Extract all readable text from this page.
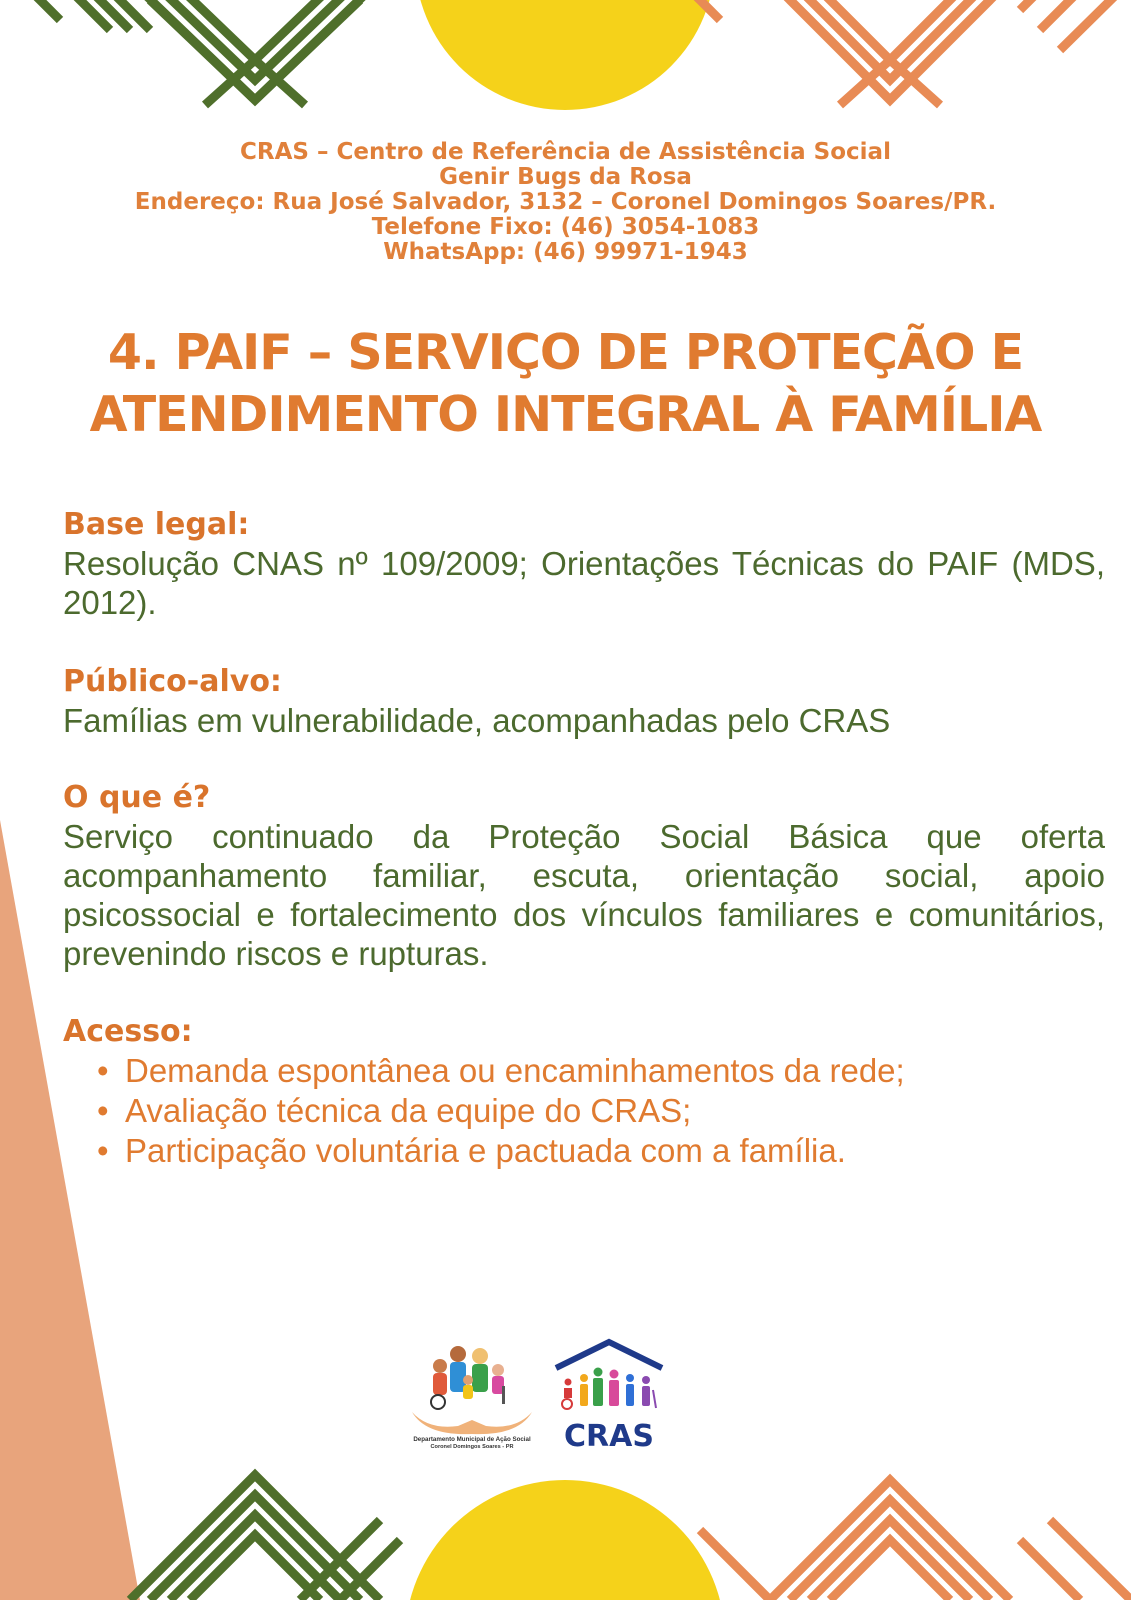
CRAS – Centro de Referência de Assistência Social
Genir Bugs da Rosa
Endereço: Rua José Salvador, 3132 – Coronel Domingos Soares/PR.
Telefone Fixo: (46) 3054-1083
WhatsApp: (46) 99971-1943
4. PAIF – SERVIÇO DE PROTEÇÃO E
ATENDIMENTO INTEGRAL À FAMÍLIA
Base legal:
Resolução CNAS nº 109/2009; Orientações Técnicas do PAIF (MDS, 2012).
Público-alvo:
Famílias em vulnerabilidade, acompanhadas pelo CRAS
O que é?
Serviço continuado da Proteção Social Básica que oferta acompanhamento familiar, escuta, orientação social, apoio psicossocial e fortalecimento dos vínculos familiares e comunitários, prevenindo riscos e rupturas.
Acesso:
• Demanda espontânea ou encaminhamentos da rede;
• Avaliação técnica da equipe do CRAS;
• Participação voluntária e pactuada com a família.
Departamento Municipal de Ação Social
Coronel Domingos Soares - PR CRAS
